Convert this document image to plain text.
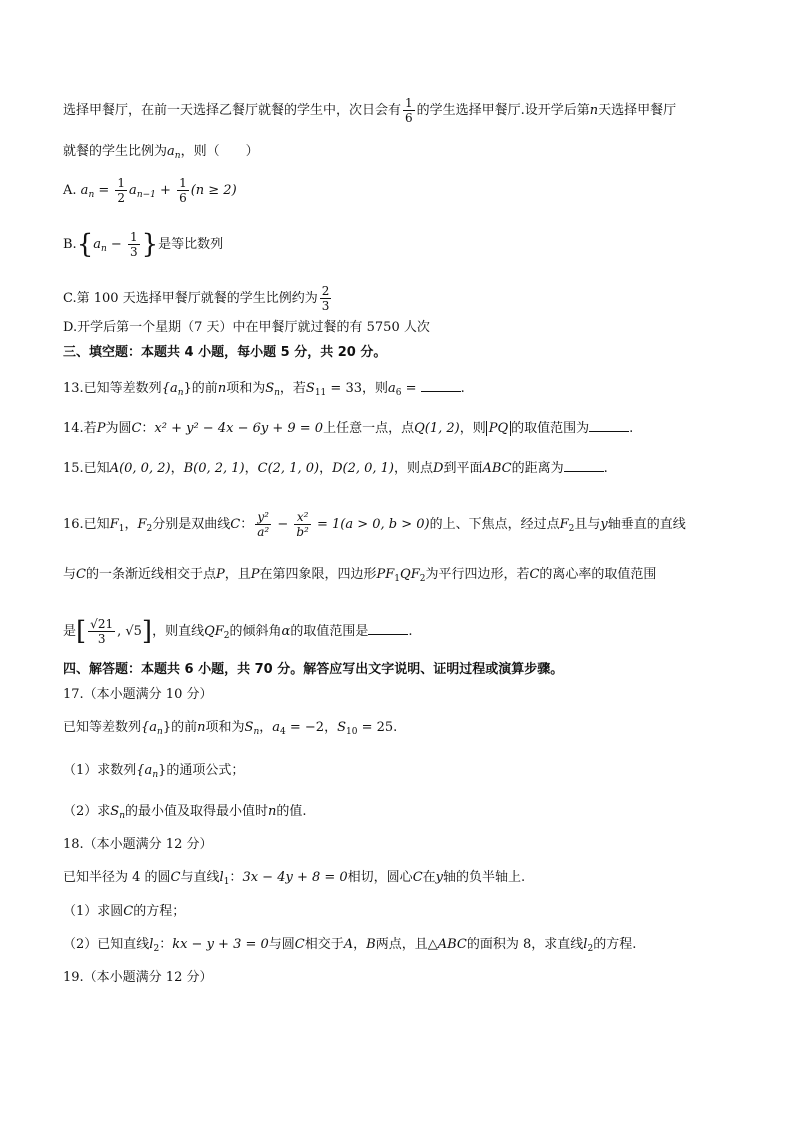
选择甲餐厅，在前一天选择乙餐厅就餐的学生中，次日会有 $\frac{1}{6}$ 的学生选择甲餐厅.设开学后第n天选择甲餐厅
就餐的学生比例为$a_n$，则（　　）
A. $a_n = \frac{1}{2} a_{n-1} + \frac{1}{6} (n \ge 2)$
$B.\{a_n - \frac{1}{3}$ }是等比数列
C.第 100 天选择甲餐厅就餐的学生比例约为 $\frac{2}{3}$
D.开学后第一个星期（7 天）中在甲餐厅就过餐的有 5750 人次
三、填空题：本题共 4 小题，每小题 5 分，共 20 分。
13.已知等差数列$\{a_n\}$的前n项和为$S_n$，若$S_{11} = 33$，则$a_6$ =	.
14.若P为圆C：x² + y² − 4x − 6y + 9 = 0上任意一点，点Q(1, 2)，则 PQ 的取值范围为	.
15.已知A(0, 0, 2)，B(0, 2, 1)，C(2, 1, 0)，D(2, 0, 1)，则点D到平面ABC的距离为	.
16.已知$F_1$，$F_2$分别是双曲线C： $\frac{\text{y²}}{\text{a²}} - \frac{\text{x²}}{\text{b²}} = 1(a > 0$, b > 0)的上、下焦点，经过点$F_2$且与y轴垂直的直线
与C的一条渐近线相交于点P，且P在第四象限，四边形$PF_1QF_2$为平行四边形，若C的离心率的取值范围
是[ $\frac{√21}{3}$ , √5]，则直线$QF_2$的倾斜角α的取值范围是	.
四、解答题：本题共 6 小题，共 70 分。解答应写出文字说明、证明过程或演算步骤。
17.（本小题满分 10 分）
已知等差数列$\{a_n\}$的前n项和为$S_n$，$a_4 = -2$，$S_{10} = 25$.
（1）求数列$\{a_n\}$的通项公式；
（2）求$S_n$的最小值及取得最小值时n的值.
18.（本小题满分 12 分）
已知半径为 4 的圆C与直线$l_1$：3x − 4y + 8 = 0相切，圆心C在y轴的负半轴上.
（1）求圆C的方程；
（2）已知直线$l_2$：kx − y + 3 = 0与圆C相交于A，B两点，且△ABC的面积为 8，求直线$l_2$的方程.
19.（本小题满分 12 分）
